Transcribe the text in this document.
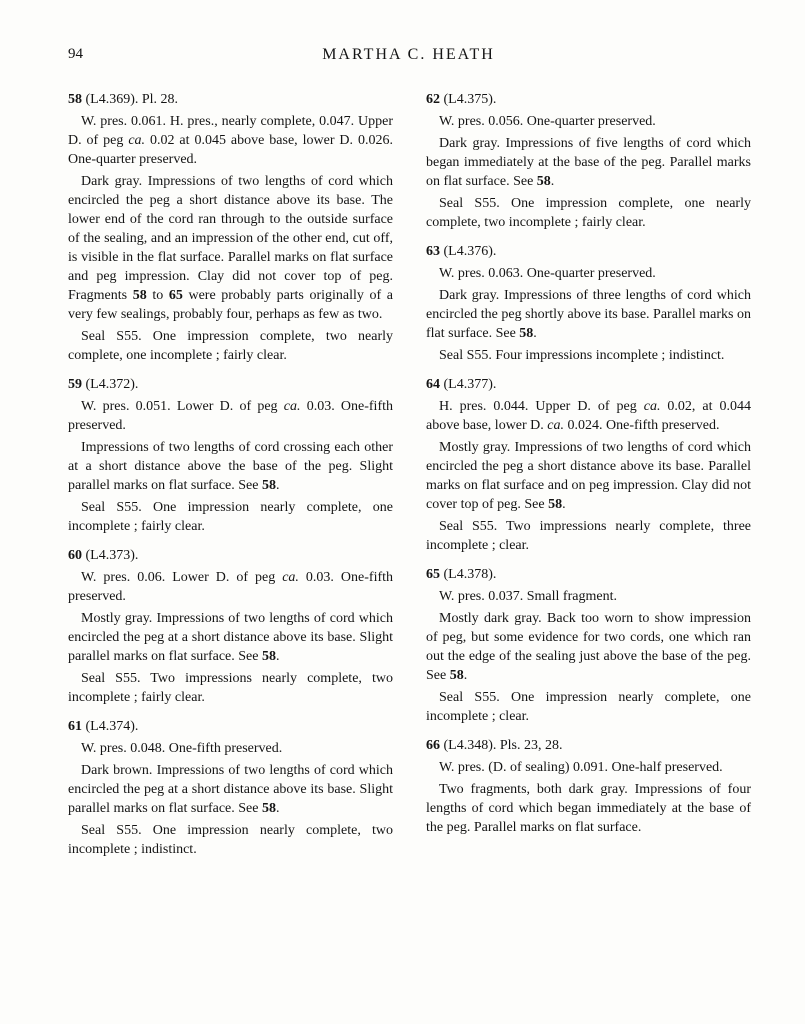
94	MARTHA C. HEATH
58 (L4.369). Pl. 28.

W. pres. 0.061. H. pres., nearly complete, 0.047. Upper D. of peg ca. 0.02 at 0.045 above base, lower D. 0.026. One-quarter preserved.

Dark gray. Impressions of two lengths of cord which encircled the peg a short distance above its base. The lower end of the cord ran through to the outside surface of the sealing, and an impression of the other end, cut off, is visible in the flat surface. Parallel marks on flat surface and peg impression. Clay did not cover top of peg. Fragments 58 to 65 were probably parts originally of a very few sealings, probably four, perhaps as few as two.

Seal S55. One impression complete, two nearly complete, one incomplete ; fairly clear.

59 (L4.372).

W. pres. 0.051. Lower D. of peg ca. 0.03. One-fifth preserved.

Impressions of two lengths of cord crossing each other at a short distance above the base of the peg. Slight parallel marks on flat surface. See 58.

Seal S55. One impression nearly complete, one incomplete ; fairly clear.

60 (L4.373).

W. pres. 0.06. Lower D. of peg ca. 0.03. One-fifth preserved.

Mostly gray. Impressions of two lengths of cord which encircled the peg at a short distance above its base. Slight parallel marks on flat surface. See 58.

Seal S55. Two impressions nearly complete, two incomplete ; fairly clear.

61 (L4.374).

W. pres. 0.048. One-fifth preserved.

Dark brown. Impressions of two lengths of cord which encircled the peg at a short distance above its base. Slight parallel marks on flat surface. See 58.

Seal S55. One impression nearly complete, two incomplete ; indistinct.

62 (L4.375).

W. pres. 0.056. One-quarter preserved.

Dark gray. Impressions of five lengths of cord which began immediately at the base of the peg. Parallel marks on flat surface. See 58.

Seal S55. One impression complete, one nearly complete, two incomplete ; fairly clear.

63 (L4.376).

W. pres. 0.063. One-quarter preserved.

Dark gray. Impressions of three lengths of cord which encircled the peg shortly above its base. Parallel marks on flat surface. See 58.

Seal S55. Four impressions incomplete ; indistinct.

64 (L4.377).

H. pres. 0.044. Upper D. of peg ca. 0.02, at 0.044 above base, lower D. ca. 0.024. One-fifth preserved.

Mostly gray. Impressions of two lengths of cord which encircled the peg a short distance above its base. Parallel marks on flat surface and on peg impression. Clay did not cover top of peg. See 58.

Seal S55. Two impressions nearly complete, three incomplete ; clear.

65 (L4.378).

W. pres. 0.037. Small fragment.

Mostly dark gray. Back too worn to show impression of peg, but some evidence for two cords, one which ran out the edge of the sealing just above the base of the peg. See 58.

Seal S55. One impression nearly complete, one incomplete ; clear.

66 (L4.348). Pls. 23, 28.

W. pres. (D. of sealing) 0.091. One-half preserved.

Two fragments, both dark gray. Impressions of four lengths of cord which began immediately at the base of the peg. Parallel marks on flat surface.
